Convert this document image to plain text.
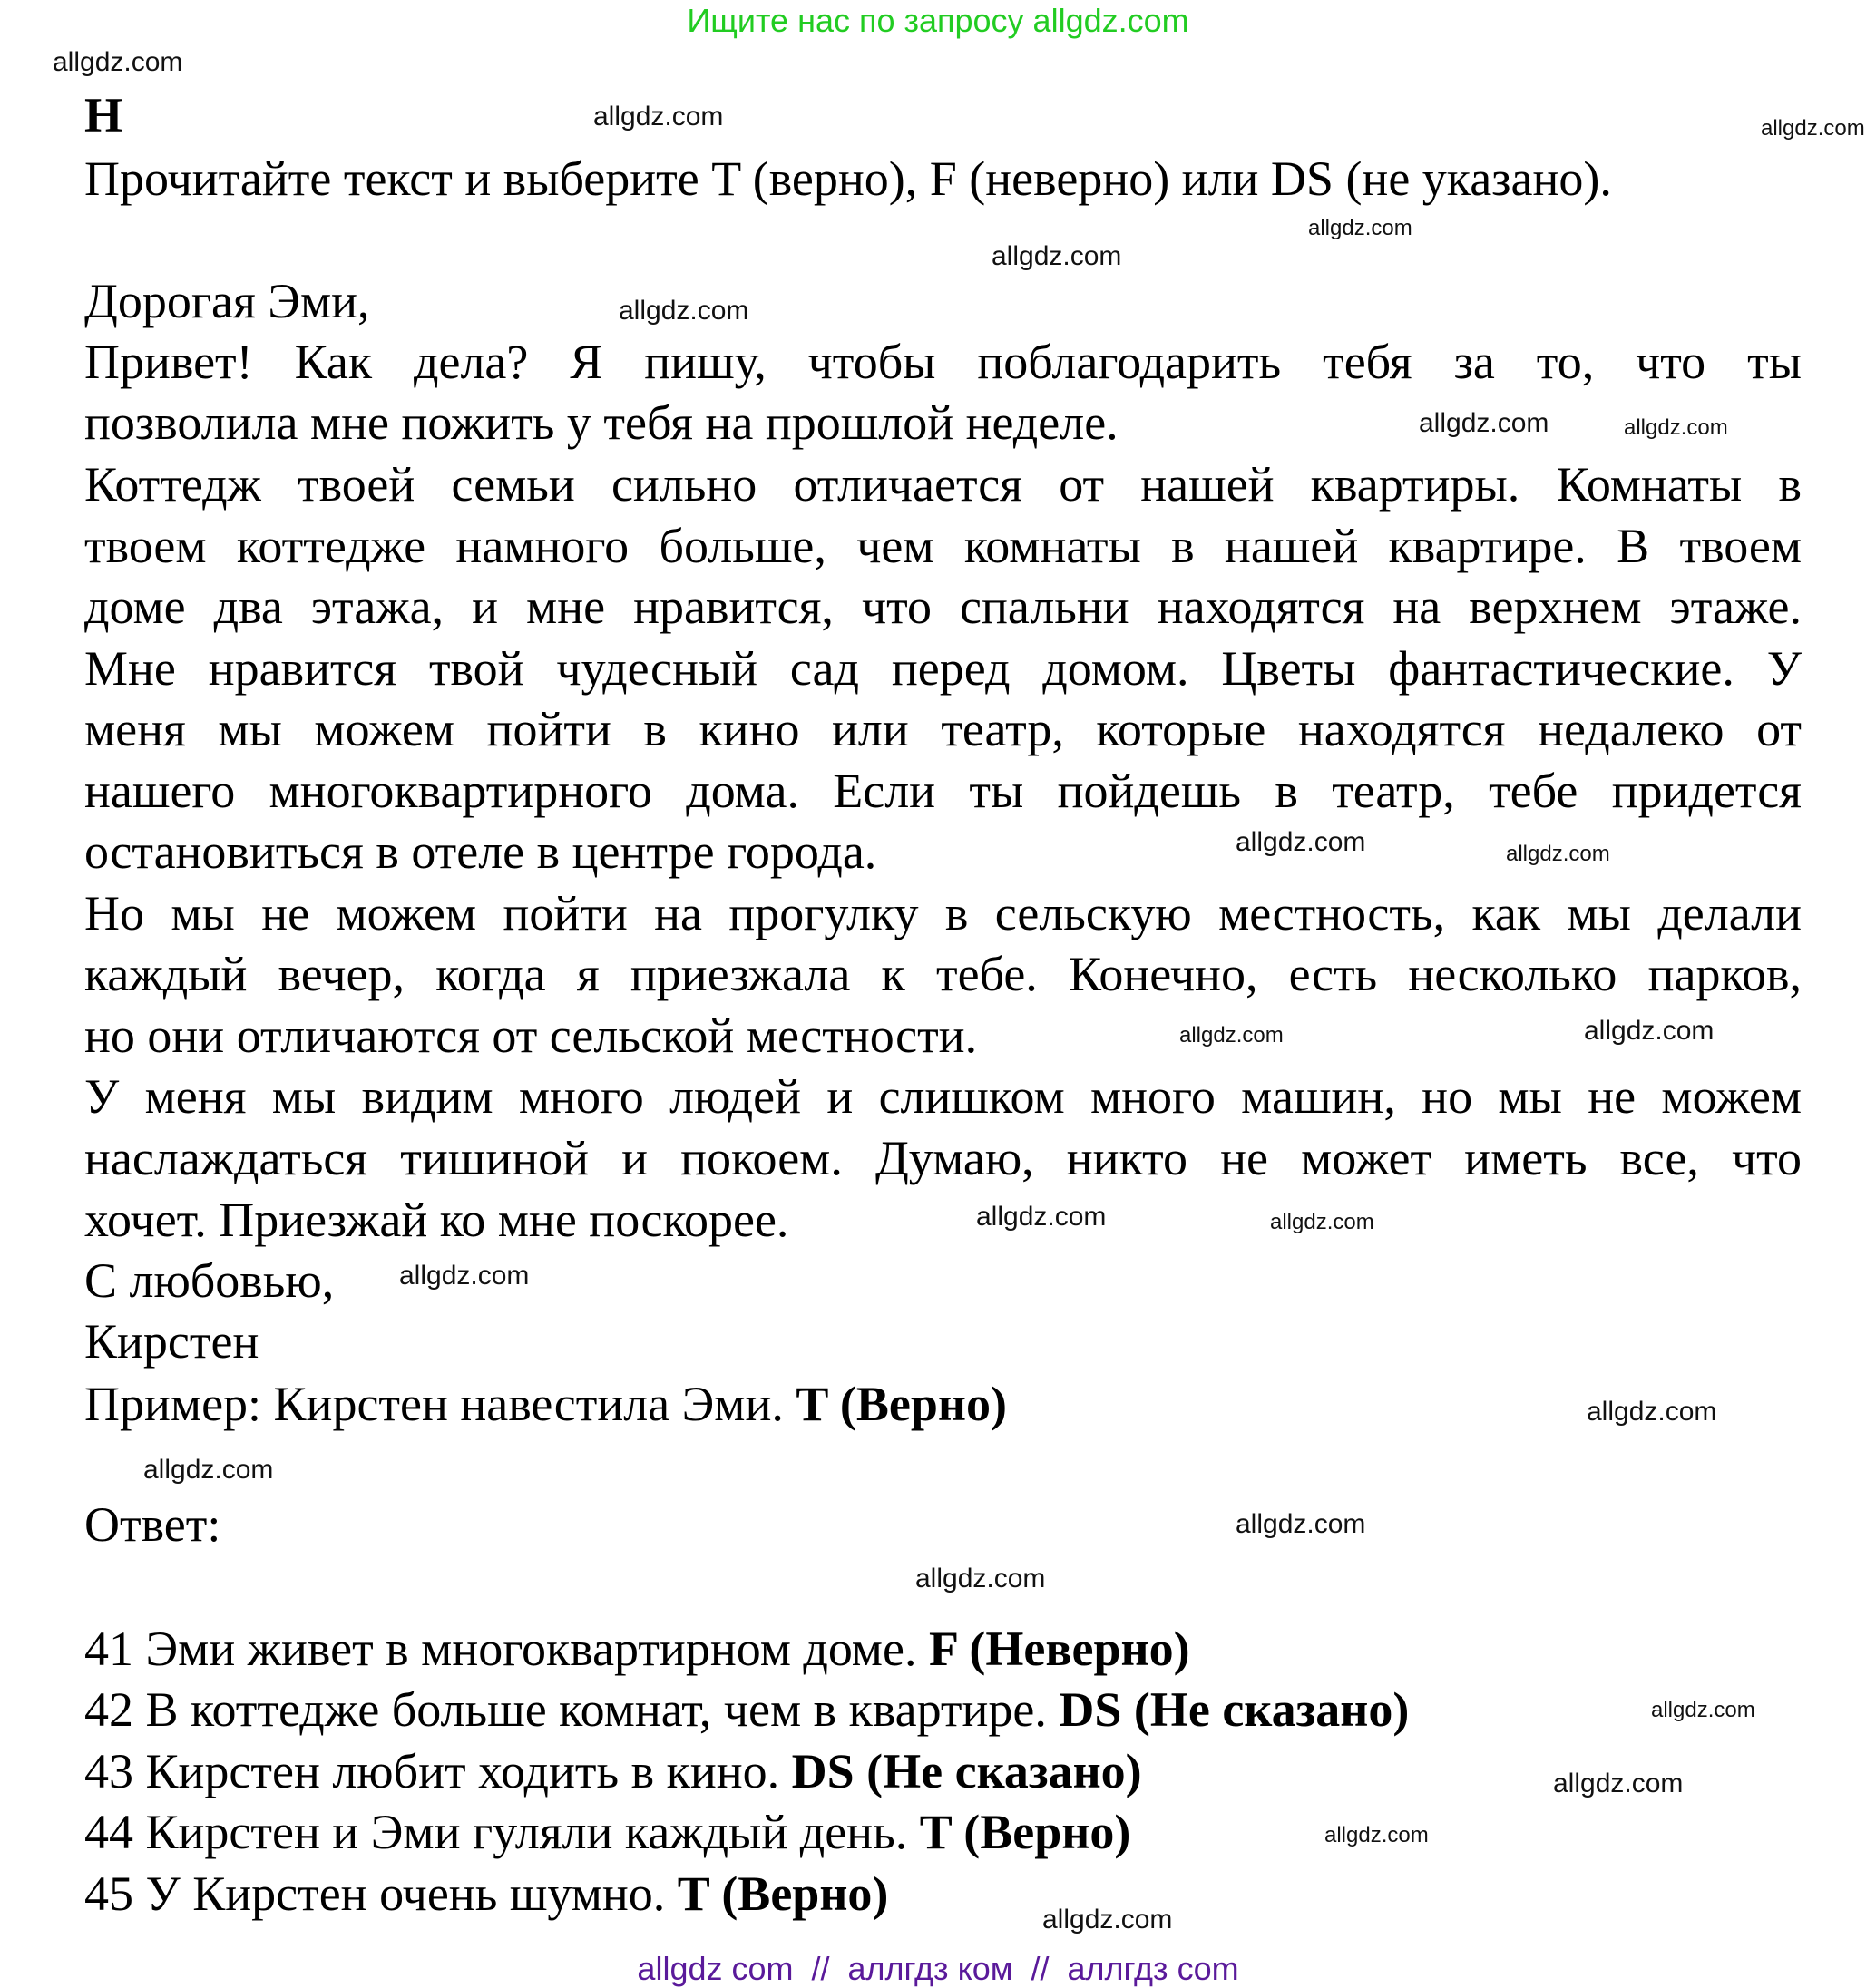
Ищите нас по запросу allgdz.com
H
Прочитайте текст и выберите T (верно), F (неверно) или DS (не указано).
Дорогая Эми,
Привет! Как дела? Я пишу, чтобы поблагодарить тебя за то, что ты
позволила мне пожить у тебя на прошлой неделе.
Коттедж твоей семьи сильно отличается от нашей квартиры. Комнаты в
твоем коттедже намного больше, чем комнаты в нашей квартире. В твоем
доме два этажа, и мне нравится, что спальни находятся на верхнем этаже.
Мне нравится твой чудесный сад перед домом. Цветы фантастические. У
меня мы можем пойти в кино или театр, которые находятся недалеко от
нашего многоквартирного дома. Если ты пойдешь в театр, тебе придется
остановиться в отеле в центре города.
Но мы не можем пойти на прогулку в сельскую местность, как мы делали
каждый вечер, когда я приезжала к тебе. Конечно, есть несколько парков,
но они отличаются от сельской местности.
У меня мы видим много людей и слишком много машин, но мы не можем
наслаждаться тишиной и покоем. Думаю, никто не может иметь все, что
хочет. Приезжай ко мне поскорее.
С любовью,
Кирстен
Пример: Кирстен навестила Эми. T (Верно)
Ответ:
41 Эми живет в многоквартирном доме. F (Неверно)
42 В коттедже больше комнат, чем в квартире. DS (Не сказано)
43 Кирстен любит ходить в кино. DS (Не сказано)
44 Кирстен и Эми гуляли каждый день. T (Верно)
45 У Кирстен очень шумно. T (Верно)
allgdz.com
allgdz.com	allgdz.com
allgdz.com
allgdz.com
allgdz.com
allgdz.com	allgdz.com
allgdz.com
allgdz.com
allgdz.com
allgdz.com
allgdz.com
allgdz.com
allgdz.com
allgdz.com
allgdz.com
allgdz.com
allgdz.com
allgdz.com
allgdz.com
allgdz.com
allgdz.com
allgdz com  //  аллгдз ком  //  аллгдз com
